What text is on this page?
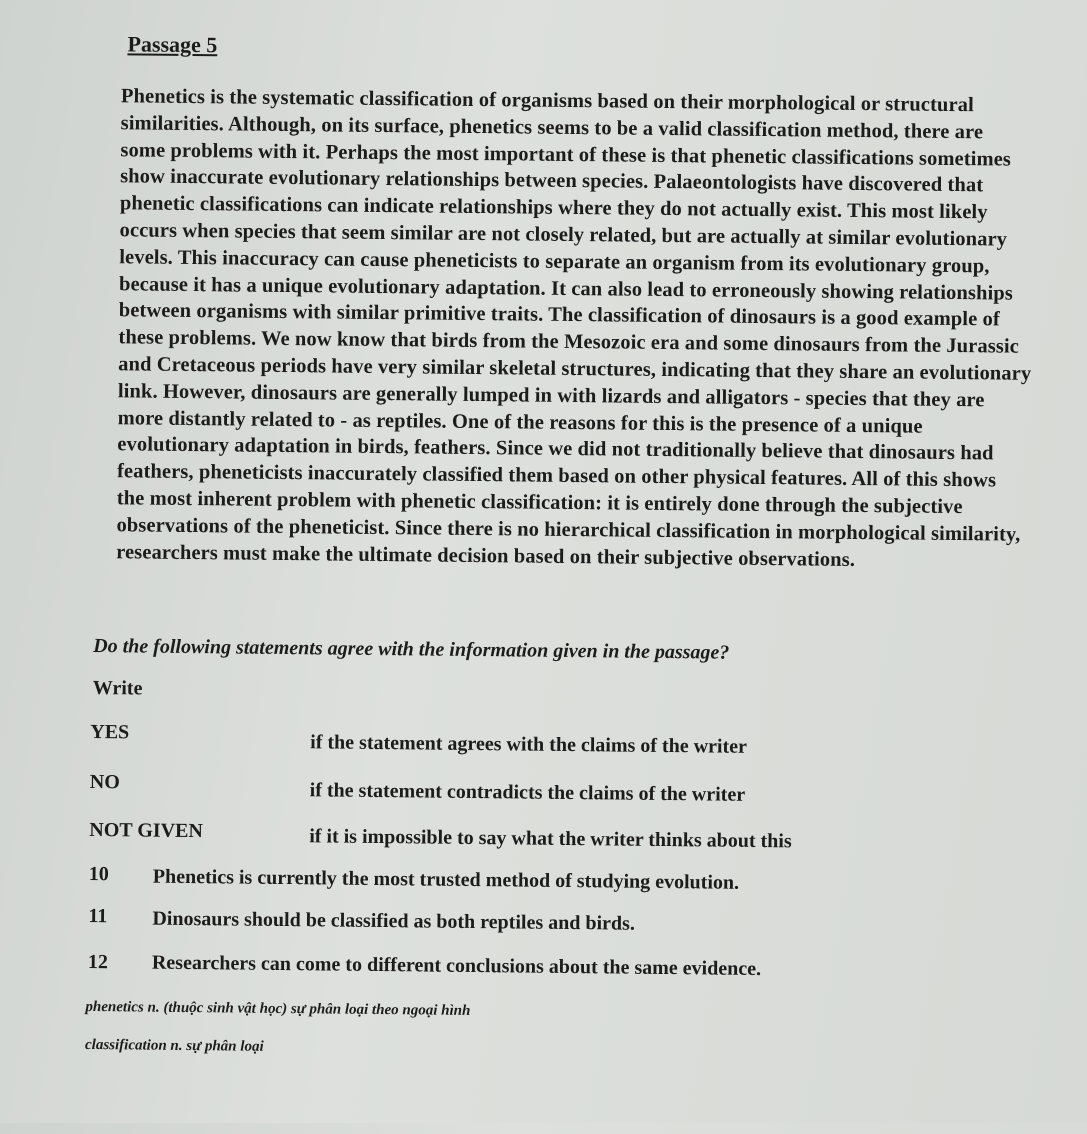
Passage 5
Phenetics is the systematic classification of organisms based on their morphological or structural
similarities. Although, on its surface, phenetics seems to be a valid classification method, there are
some problems with it. Perhaps the most important of these is that phenetic classifications sometimes
show inaccurate evolutionary relationships between species. Palaeontologists have discovered that
phenetic classifications can indicate relationships where they do not actually exist. This most likely
occurs when species that seem similar are not closely related, but are actually at similar evolutionary
levels. This inaccuracy can cause pheneticists to separate an organism from its evolutionary group,
because it has a unique evolutionary adaptation. It can also lead to erroneously showing relationships
between organisms with similar primitive traits. The classification of dinosaurs is a good example of
these problems. We now know that birds from the Mesozoic era and some dinosaurs from the Jurassic
and Cretaceous periods have very similar skeletal structures, indicating that they share an evolutionary
link. However, dinosaurs are generally lumped in with lizards and alligators - species that they are
more distantly related to - as reptiles. One of the reasons for this is the presence of a unique
evolutionary adaptation in birds, feathers. Since we did not traditionally believe that dinosaurs had
feathers, pheneticists inaccurately classified them based on other physical features. All of this shows
the most inherent problem with phenetic classification: it is entirely done through the subjective
observations of the pheneticist. Since there is no hierarchical classification in morphological similarity,
researchers must make the ultimate decision based on their subjective observations.
Do the following statements agree with the information given in the passage?
Write
YES	if the statement agrees with the claims of the writer
NO	if the statement contradicts the claims of the writer
NOT GIVEN	if it is impossible to say what the writer thinks about this
10 Phenetics is currently the most trusted method of studying evolution.
11 Dinosaurs should be classified as both reptiles and birds.
12 Researchers can come to different conclusions about the same evidence.
phenetics n. (thuộc sinh vật học) sự phân loại theo ngoại hình
classification n. sự phân loại
